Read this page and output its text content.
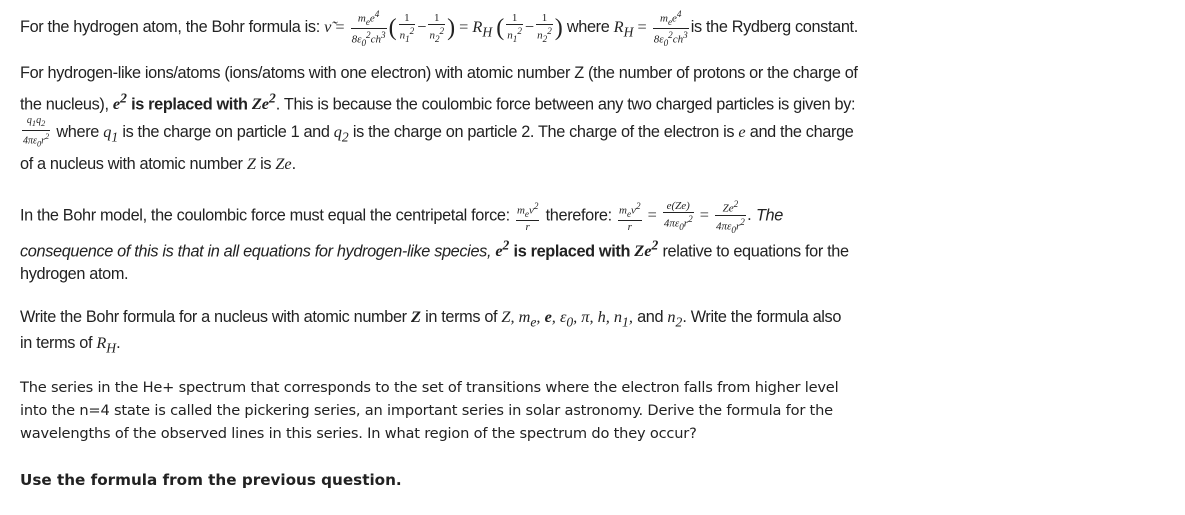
For the hydrogen atom, the Bohr formula is: ν̃ = $\frac{m_ee^4}{8\varepsilon_0^2ch^3}$ ( $\frac{1}{n_1^2} - \frac{1}{n_2^2}$ ) = $R_H$ ( $\frac{1}{n_1^2} - \frac{1}{n_2^2}$ ) where $R_H = \frac{m_ee^4}{8\varepsilon_0^2ch^3}$ is the Rydberg constant.
For hydrogen-like ions/atoms (ions/atoms with one electron) with atomic number Z (the number of protons or the charge of
the nucleus), $e^2$ is replaced with Ze$^2$. This is because the coulombic force between any two charged particles is given by:
$\frac{q_1q_2}{4\pi\varepsilon_0r^2}$ where $q_1$ is the charge on particle 1 and $q_2$ is the charge on particle 2. The charge of the electron is e and the charge
of a nucleus with atomic number Z is Ze.
In the Bohr model, the coulombic force must equal the centripetal force: $\frac{m_ev^2}{r}$ therefore: $\frac{m_ev^2}{r} = \frac{e(Ze)}{4\pi\varepsilon_0r^2} = \frac{Ze^2}{4\pi\varepsilon_0r^2}$ . The
consequence of this is that in all equations for hydrogen-like species, $e^2$ is replaced with Ze$^2$ relative to equations for the
hydrogen atom.
Write the Bohr formula for a nucleus with atomic number Z in terms of Z, $m_e$, e, $\varepsilon_0$, π, h, $n_1$, and $n_2$. Write the formula also
in terms of $R_H$.
The series in the He+ spectrum that corresponds to the set of transitions where the electron falls from higher level
into the n=4 state is called the pickering series, an important series in solar astronomy. Derive the formula for the
wavelengths of the observed lines in this series. In what region of the spectrum do they occur?
Use the formula from the previous question.
